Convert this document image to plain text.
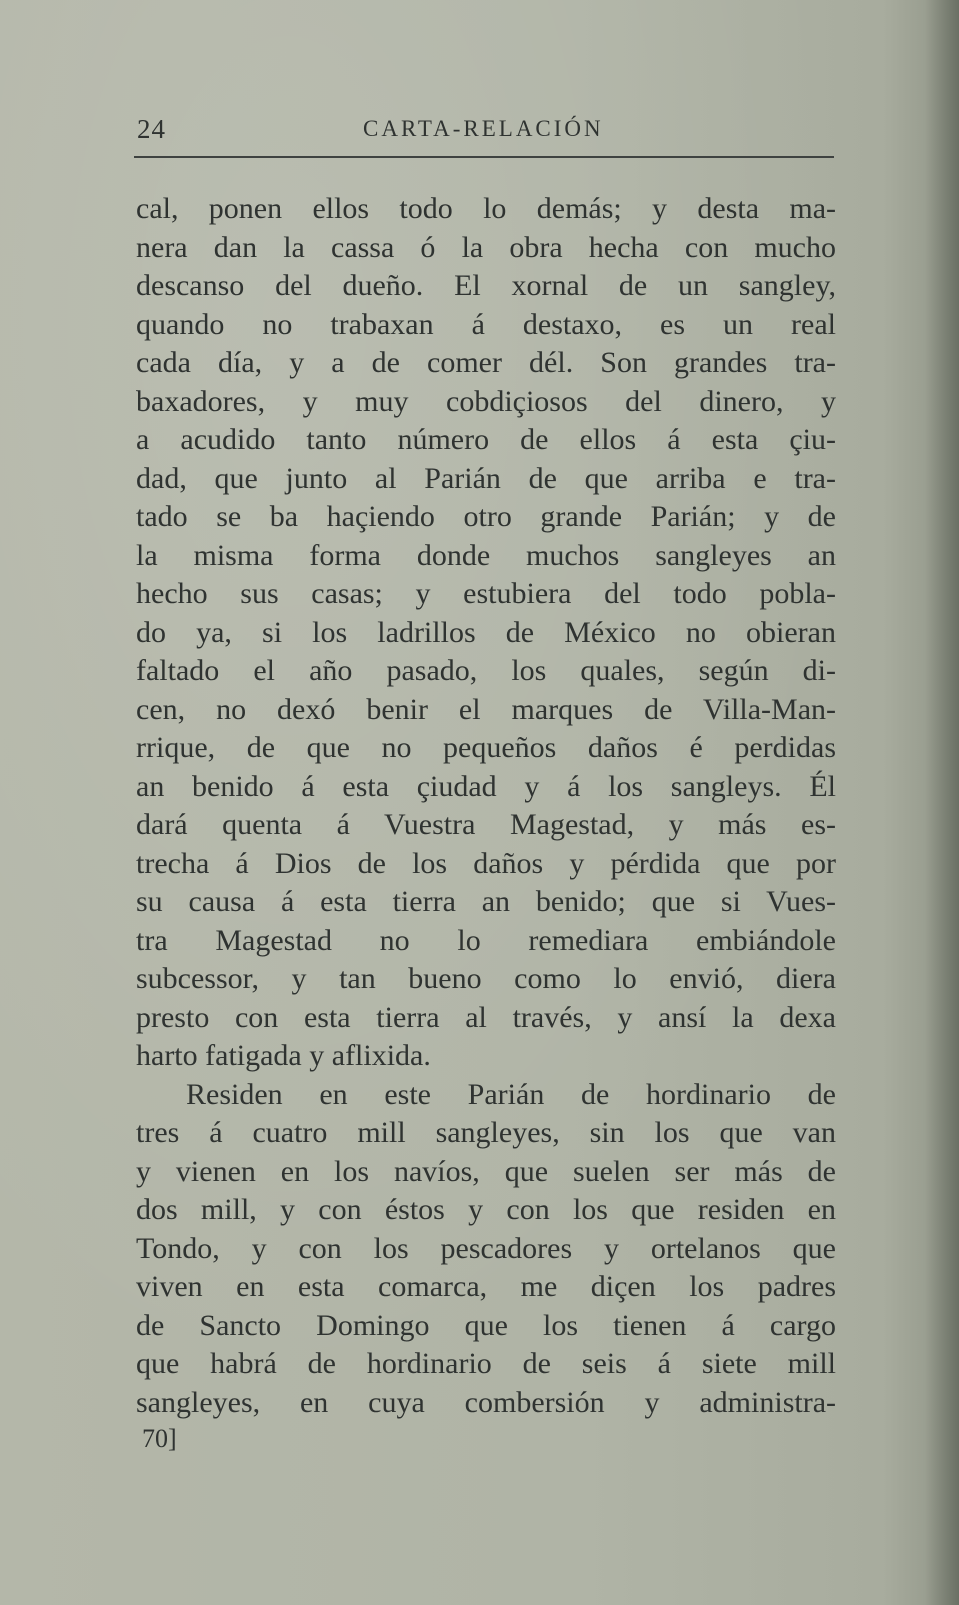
24	CARTA-RELACIÓN
cal, ponen ellos todo lo demás; y desta ma-
nera dan la cassa ó la obra hecha con mucho
descanso del dueño. El xornal de un sangley,
quando no trabaxan á destaxo, es un real
cada día, y a de comer dél. Son grandes tra-
baxadores, y muy cobdiçiosos del dinero, y
a acudido tanto número de ellos á esta çiu-
dad, que junto al Parián de que arriba e tra-
tado se ba haçiendo otro grande Parián; y de
la misma forma donde muchos sangleyes an
hecho sus casas; y estubiera del todo pobla-
do ya, si los ladrillos de México no obieran
faltado el año pasado, los quales, según di-
cen, no dexó benir el marques de Villa-Man-
rrique, de que no pequeños daños é perdidas
an benido á esta çiudad y á los sangleys. Él
dará quenta á Vuestra Magestad, y más es-
trecha á Dios de los daños y pérdida que por
su causa á esta tierra an benido; que si Vues-
tra Magestad no lo remediara embiándole
subcessor, y tan bueno como lo envió, diera
presto con esta tierra al través, y ansí la dexa
harto fatigada y aflixida.
Residen en este Parián de hordinario de
tres á cuatro mill sangleyes, sin los que van
y vienen en los navíos, que suelen ser más de
dos mill, y con éstos y con los que residen en
Tondo, y con los pescadores y ortelanos que
viven en esta comarca, me diçen los padres
de Sancto Domingo que los tienen á cargo
que habrá de hordinario de seis á siete mill
sangleyes, en cuya combersión y administra-
70]
